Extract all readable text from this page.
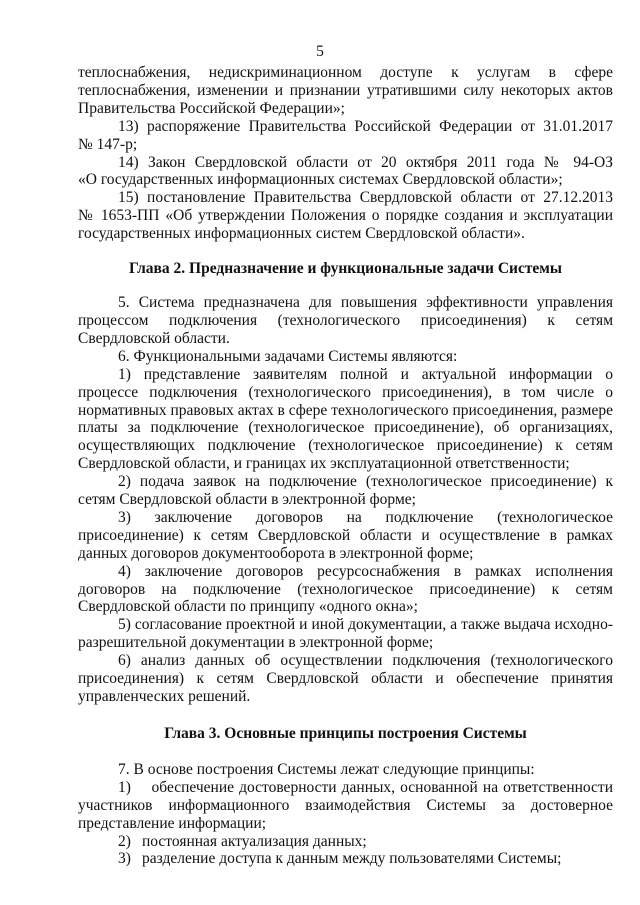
5

теплоснабжения, недискриминационном доступе к услугам в сфере

теплоснабжения, изменении и признании утратившими силу некоторых актов

Правительства Российской Федерации»;

13) распоряжение Правительства Российской Федерации от 31.01.2017

№ 147-р;

14) Закон Свердловской области от 20 октября 2011 года № 94-ОЗ

«О государственных информационных системах Свердловской области»;

15) постановление Правительства Свердловской области от 27.12.2013

№ 1653-ПП «Об утверждении Положения о порядке создания и эксплуатации государственных информационных систем Свердловской области».

Глава 2. Предназначение и функциональные задачи Системы

5. Система предназначена для повышения эффективности управления процессом подключения (технологического присоединения) к сетям Свердловской области.

6. Функциональными задачами Системы являются:

1) представление заявителям полной и актуальной информации о процессе подключения (технологического присоединения), в том числе о нормативных правовых актах в сфере технологического присоединения, размере платы за подключение (технологическое присоединение), об организациях, осуществляющих подключение (технологическое присоединение) к сетям Свердловской области, и границах их эксплуатационной ответственности;

2) подача заявок на подключение (технологическое присоединение) к сетям Свердловской области в электронной форме;

3) заключение договоров на подключение (технологическое присоединение) к сетям Свердловской области и осуществление в рамках данных договоров документооборота в электронной форме;

4) заключение договоров ресурсоснабжения в рамках исполнения договоров на подключение (технологическое присоединение) к сетям Свердловской области по принципу «одного окна»;

5) согласование проектной и иной документации, а также выдача исходно-разрешительной документации в электронной форме;

6) анализ данных об осуществлении подключения (технологического присоединения) к сетям Свердловской области и обеспечение принятия управленческих решений.

Глава 3. Основные принципы построения Системы

7. В основе построения Системы лежат следующие принципы:

1)  обеспечение достоверности данных, основанной на ответственности участников информационного взаимодействия Системы за достоверное представление информации;

2) постоянная актуализация данных;
3) разделение доступа к данным между пользователями Системы;
